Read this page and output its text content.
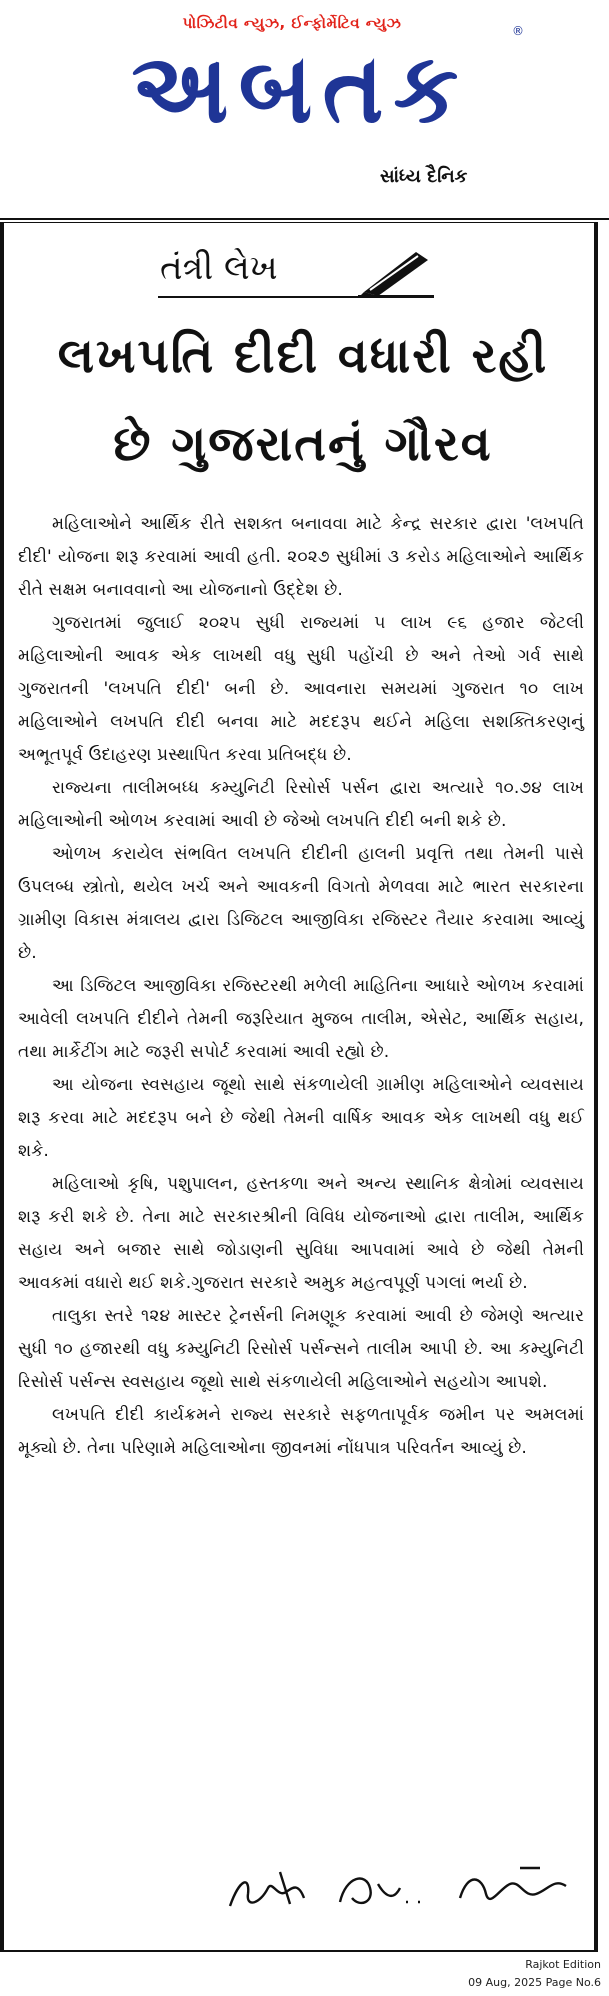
પોઝિટીવ ન્યુઝ, ઈન્ફોર્મેટિવ ન્યુઝ
અબતક
®
સાંધ્ય દૈનિક
તંત્રી લેખ
લખપતિ દીદી વધારી રહી
છે ગુજરાતનું ગૌરવ

મહિલાઓને આર્થિક રીતે સશક્ત બનાવવા માટે કેન્દ્ર સરકાર દ્વારા 'લખપતિ દીદી' યોજના શરૂ કરવામાં આવી હતી. ૨૦૨૭ સુધીમાં ૩ કરોડ મહિલાઓને આર્થિક રીતે સક્ષમ બનાવવાનો આ યોજનાનો ઉદ્દેશ છે.

ગુજરાતમાં જુલાઈ ૨૦૨૫ સુધી રાજ્યમાં ૫ લાખ ૯૬ હજાર જેટલી મહિલાઓની આવક એક લાખથી વધુ સુધી પહોંચી છે અને તેઓ ગર્વ સાથે ગુજરાતની 'લખપતિ દીદી' બની છે. આવનારા સમયમાં ગુજરાત ૧૦ લાખ મહિલાઓને લખપતિ દીદી બનવા માટે મદદરૂપ થઈને મહિલા સશક્તિકરણનું અભૂતપૂર્વ ઉદાહરણ પ્રસ્થાપિત કરવા પ્રતિબદ્ધ છે.

રાજ્યના તાલીમબધ્ધ કમ્યુનિટી રિસોર્સ પર્સન દ્વારા અત્યારે ૧૦.૭૪ લાખ મહિલાઓની ઓળખ કરવામાં આવી છે જેઓ લખપતિ દીદી બની શકે છે.

ઓળખ કરાયેલ સંભવિત લખપતિ દીદીની હાલની પ્રવૃત્તિ તથા તેમની પાસે ઉપલબ્ધ સ્ત્રોતો, થયેલ ખર્ચ અને આવકની વિગતો મેળવવા માટે ભારત સરકારના ગ્રામીણ વિકાસ મંત્રાલય દ્વારા ડિજિટલ આજીવિકા રજિસ્ટર તૈયાર કરવામા આવ્યું છે.

આ ડિજિટલ આજીવિકા રજિસ્ટરથી મળેલી માહિતિના આધારે ઓળખ કરવામાં આવેલી લખપતિ દીદીને તેમની જરૂરિયાત મુજબ તાલીમ, એસેટ, આર્થિક સહાય, તથા માર્કેટીંગ માટે જરૂરી સપોર્ટ કરવામાં આવી રહ્યો છે.

આ યોજના સ્વસહાય જૂથો સાથે સંકળાયેલી ગ્રામીણ મહિલાઓને વ્યવસાય શરૂ કરવા માટે મદદરૂપ બને છે જેથી તેમની વાર્ષિક આવક એક લાખથી વધુ થઈ શકે.

મહિલાઓ કૃષિ, પશુપાલન, હસ્તકળા અને અન્ય સ્થાનિક ક્ષેત્રોમાં વ્યવસાય શરૂ કરી શકે છે. તેના માટે સરકારશ્રીની વિવિધ યોજનાઓ દ્વારા તાલીમ, આર્થિક સહાય અને બજાર સાથે જોડાણની સુવિધા આપવામાં આવે છે જેથી તેમની આવકમાં વધારો થઈ શકે.ગુજરાત સરકારે અમુક મહત્વપૂર્ણ પગલાં ભર્યા છે.

તાલુકા સ્તરે ૧૨૪ માસ્ટર ટ્રેનર્સની નિમણૂક કરવામાં આવી છે જેમણે અત્યાર સુધી ૧૦ હજારથી વધુ કમ્યુનિટી રિસોર્સ પર્સન્સને તાલીમ આપી છે. આ કમ્યુનિટી રિસોર્સ પર્સન્સ સ્વસહાય જૂથો સાથે સંકળાયેલી મહિલાઓને સહયોગ આપશે.

લખપતિ દીદી કાર્યક્રમને રાજ્ય સરકારે સફળતાપૂર્વક જમીન પર અમલમાં મૂક્યો છે. તેના પરિણામે મહિલાઓના જીવનમાં નોંધપાત્ર પરિવર્તન આવ્યું છે.

Rajkot Edition
09 Aug, 2025 Page No.6
